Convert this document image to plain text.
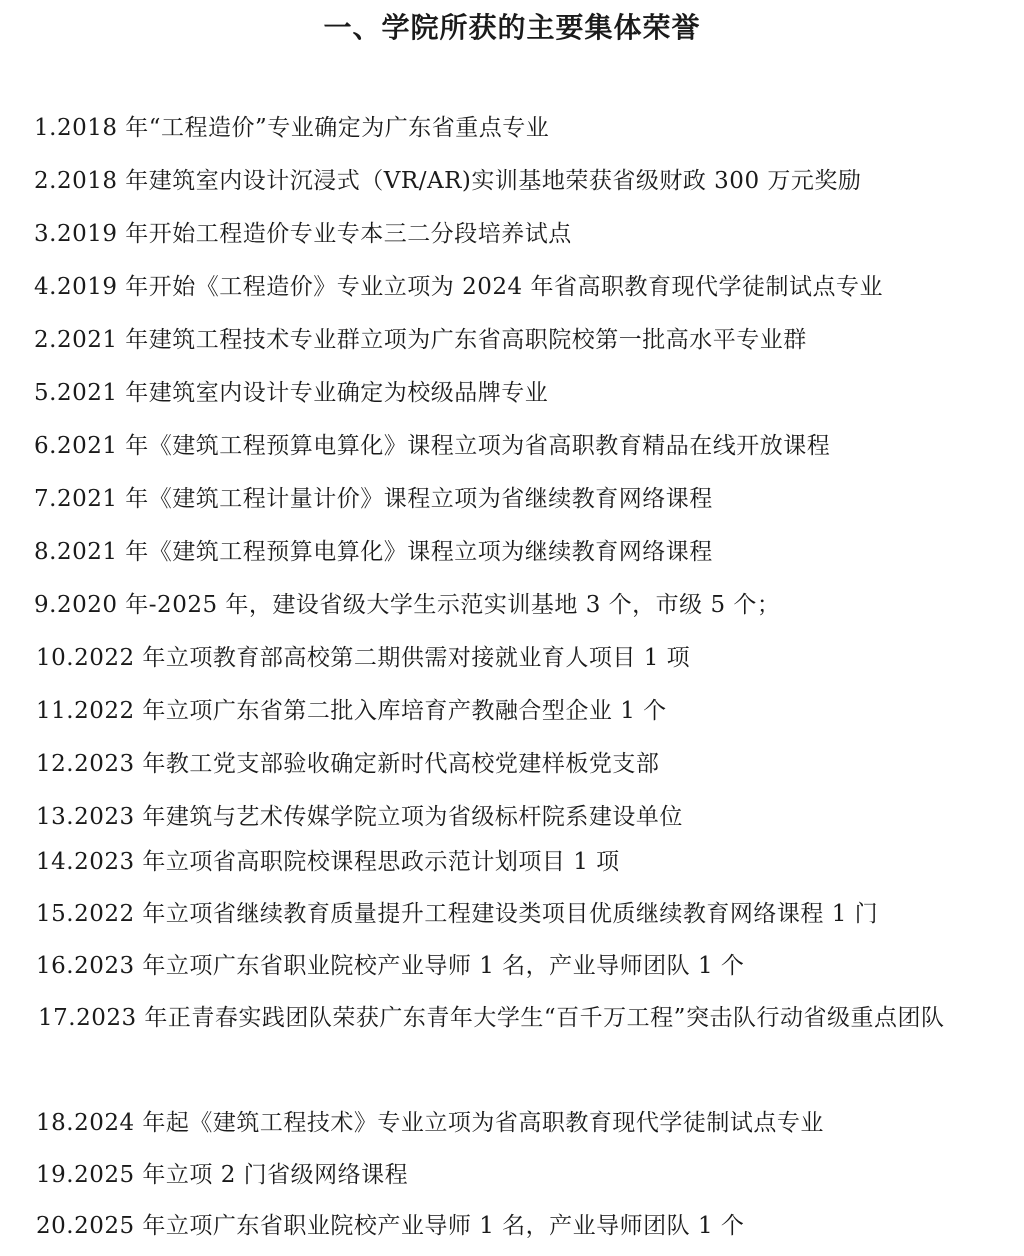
一、学院所获的主要集体荣誉
1.2018 年“工程造价”专业确定为广东省重点专业
2.2018 年建筑室内设计沉浸式（VR/AR)实训基地荣获省级财政 300 万元奖励
3.2019 年开始工程造价专业专本三二分段培养试点
4.2019 年开始《工程造价》专业立项为 2024 年省高职教育现代学徒制试点专业
2.2021 年建筑工程技术专业群立项为广东省高职院校第一批高水平专业群
5.2021 年建筑室内设计专业确定为校级品牌专业
6.2021 年《建筑工程预算电算化》课程立项为省高职教育精品在线开放课程
7.2021 年《建筑工程计量计价》课程立项为省继续教育网络课程
8.2021 年《建筑工程预算电算化》课程立项为继续教育网络课程
9.2020 年-2025 年，建设省级大学生示范实训基地 3 个，市级 5 个；
10.2022 年立项教育部高校第二期供需对接就业育人项目 1 项
11.2022 年立项广东省第二批入库培育产教融合型企业 1 个
12.2023 年教工党支部验收确定新时代高校党建样板党支部
13.2023 年建筑与艺术传媒学院立项为省级标杆院系建设单位
14.2023 年立项省高职院校课程思政示范计划项目 1 项
15.2022 年立项省继续教育质量提升工程建设类项目优质继续教育网络课程 1 门
16.2023 年立项广东省职业院校产业导师 1 名，产业导师团队 1 个
17.2023 年正青春实践团队荣获广东青年大学生“百千万工程”突击队行动省级重点团队
18.2024 年起《建筑工程技术》专业立项为省高职教育现代学徒制试点专业
19.2025 年立项 2 门省级网络课程
20.2025 年立项广东省职业院校产业导师 1 名，产业导师团队 1 个
